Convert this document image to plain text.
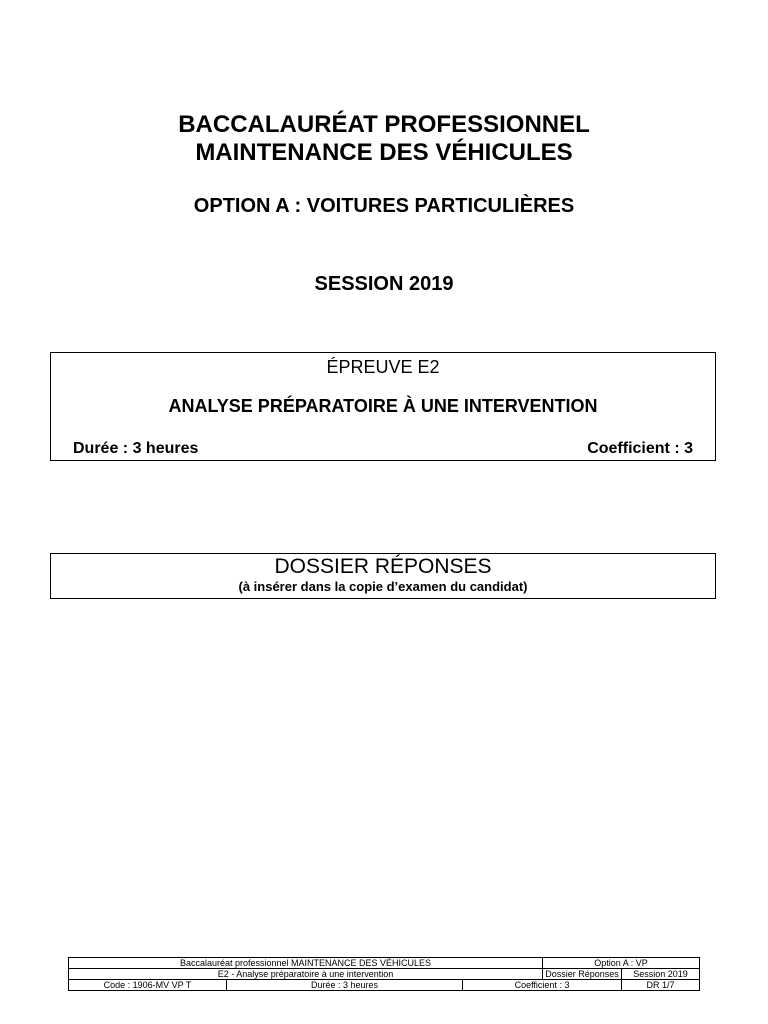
BACCALAURÉAT PROFESSIONNEL
MAINTENANCE DES VÉHICULES
OPTION A : VOITURES PARTICULIÈRES
SESSION 2019
ÉPREUVE E2
ANALYSE PRÉPARATOIRE À UNE INTERVENTION
Durée : 3 heures	Coefficient : 3
DOSSIER RÉPONSES
(à insérer dans la copie d’examen du candidat)
Baccalauréat professionnel MAINTENANCE DES VÉHICULES			Option A : VP	
E2 - Analyse préparatoire à une intervention			Dossier Réponses	Session 2019
Code : 1906-MV VP T	Durée : 3 heures	Coefficient : 3		DR 1/7
